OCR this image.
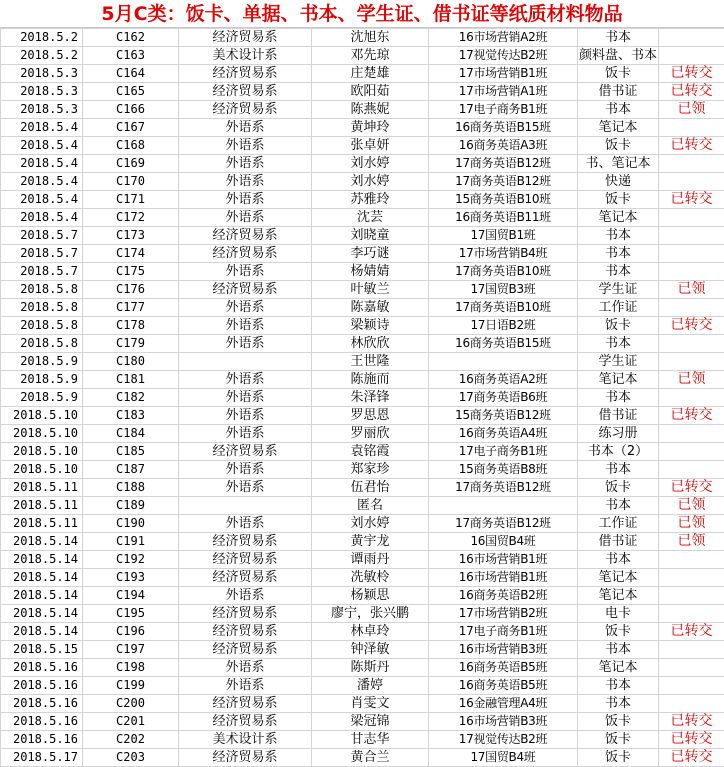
5月C类：饭卡、单据、书本、学生证、借书证等纸质材料物品
2018.5.2	C162	经济贸易系	沈旭东	16市场营销A2班	书本	
2018.5.2	C163	美术设计系	邓先琼	17视觉传达B2班	颜料盘、书本	
2018.5.3	C164	经济贸易系	庄楚雄	17市场营销B1班	饭卡	已转交
2018.5.3	C165	经济贸易系	欧阳茹	17市场营销A1班	借书证	已转交
2018.5.3	C166	经济贸易系	陈燕妮	17电子商务B1班	书本	已领
2018.5.4	C167	外语系	黄坤玲	16商务英语B15班	笔记本	
2018.5.4	C168	外语系	张卓妍	16商务英语A3班	饭卡	已转交
2018.5.4	C169	外语系	刘水婷	17商务英语B12班	书、笔记本	
2018.5.4	C170	外语系	刘水婷	17商务英语B12班	快递	
2018.5.4	C171	外语系	苏雅玲	15商务英语B10班	饭卡	已转交
2018.5.4	C172	外语系	沈芸	16商务英语B11班	笔记本	
2018.5.7	C173	经济贸易系	刘晓童	17国贸B1班	书本	
2018.5.7	C174	经济贸易系	李巧谜	17市场营销B4班	书本	
2018.5.7	C175	外语系	杨婧婧	17商务英语B10班	书本	
2018.5.8	C176	经济贸易系	叶敏兰	17国贸B3班	学生证	已领
2018.5.8	C177	外语系	陈嘉敏	17商务英语B10班	工作证	
2018.5.8	C178	外语系	梁颖诗	17日语B2班	饭卡	已转交
2018.5.8	C179	外语系	林欣欣	16商务英语B15班	书本	
2018.5.9	C180		王世隆		学生证	
2018.5.9	C181	外语系	陈施而	16商务英语A2班	笔记本	已领
2018.5.9	C182	外语系	朱泽锋	17商务英语B6班	书本	
2018.5.10	C183	外语系	罗思恩	15商务英语B12班	借书证	已转交
2018.5.10	C184	外语系	罗丽欣	16商务英语A4班	练习册	
2018.5.10	C185	经济贸易系	袁铭霞	17电子商务B1班	书本（2）	
2018.5.10	C187	外语系	郑家珍	15商务英语B8班	书本	
2018.5.11	C188	外语系	伍君怡	17商务英语B12班	饭卡	已转交
2018.5.11	C189		匿名		书本	已领
2018.5.11	C190	外语系	刘水婷	17商务英语B12班	工作证	已领
2018.5.14	C191	经济贸易系	黄宇龙	16国贸B4班	借书证	已领
2018.5.14	C192	经济贸易系	谭雨丹	16市场营销B1班	书本	
2018.5.14	C193	经济贸易系	冼敏柃	16市场营销B1班	笔记本	
2018.5.14	C194	外语系	杨颖思	16商务英语B2班	笔记本	
2018.5.14	C195	经济贸易系	廖宁，张兴鹏	17市场营销B2班	电卡	
2018.5.14	C196	经济贸易系	林卓玲	17电子商务B1班	饭卡	已转交
2018.5.15	C197	经济贸易系	钟泽敏	16市场营销B3班	书本	
2018.5.16	C198	外语系	陈斯丹	16商务英语B5班	笔记本	
2018.5.16	C199	外语系	潘婷	16商务英语B5班	书本	
2018.5.16	C200	经济贸易系	肖雯文	16金融管理A4班	书本	
2018.5.16	C201	经济贸易系	梁冠锦	16市场营销B3班	饭卡	已转交
2018.5.16	C202	美术设计系	甘志华	17视觉传达B2班	饭卡	已转交
2018.5.17	C203	经济贸易系	黄合兰	17国贸B4班	饭卡	已转交
